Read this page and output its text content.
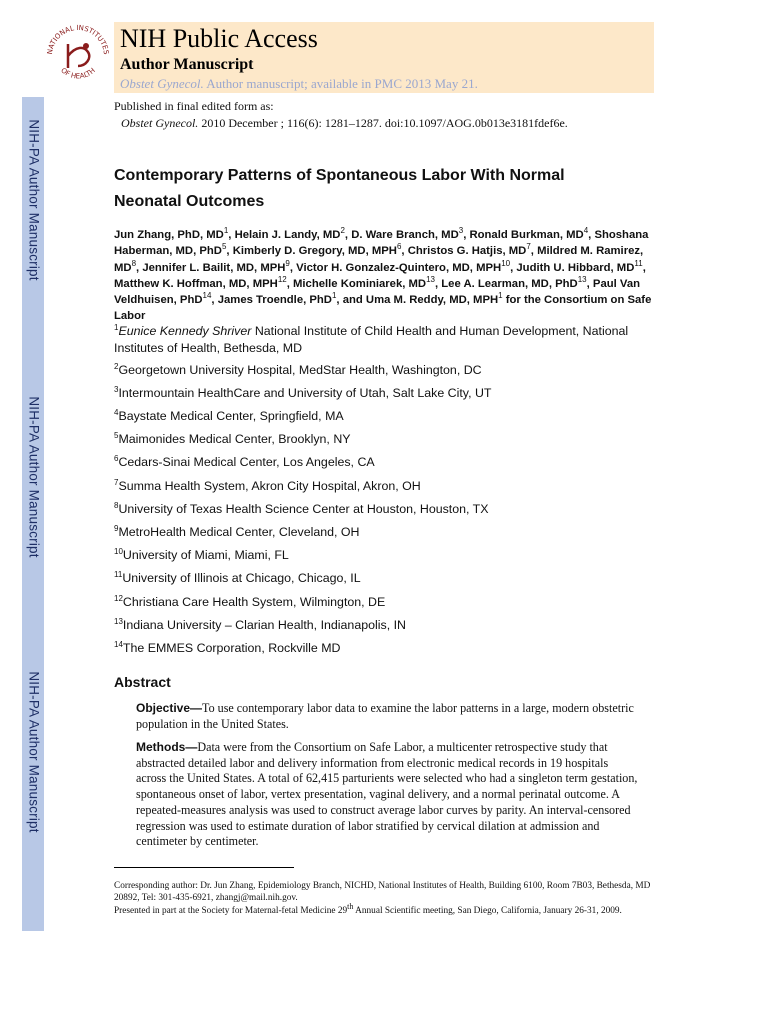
NIH-PA Author Manuscript
NIH-PA Author Manuscript
NIH-PA Author Manuscript
NATIONAL INSTITUTES
OF HEALTH
NIH Public Access
Author Manuscript
Obstet Gynecol. Author manuscript; available in PMC 2013 May 21.
Published in final edited form as:
Obstet Gynecol. 2010 December ; 116(6): 1281–1287. doi:10.1097/AOG.0b013e3181fdef6e.
Contemporary Patterns of Spontaneous Labor With Normal
Neonatal Outcomes
Jun Zhang, PhD, $MD^1$, Helain J. Landy, $MD^2$, D. Ware Branch, $MD^3$, Ronald Burkman, $MD^4$, Shoshana Haberman, MD, PhD$^5$, Kimberly D. Gregory, MD, MPH$^6$, Christos G. Hatjis, $MD^7$, Mildred M. Ramirez, $MD^8$, Jennifer L. Bailit, MD, MPH$^9$, Victor H. Gonzalez-Quintero, MD, MPH$^{10}$, Judith U. Hibbard, MD$^{11}$, Matthew K. Hoffman, MD, MPH$^{12}$, Michelle Kominiarek, MD$^{13}$, Lee A. Learman, MD, PhD$^{13}$, Paul Van Veldhuisen, PhD$^{14}$, James Troendle, PhD$^1$, and Uma M. Reddy, MD, MPH$^1$ for the Consortium on Safe Labor
$^1$Eunice Kennedy Shriver National Institute of Child Health and Human Development, National Institutes of Health, Bethesda, MD
$^2$Georgetown University Hospital, MedStar Health, Washington, DC
$^3$Intermountain HealthCare and University of Utah, Salt Lake City, UT
$^4$Baystate Medical Center, Springfield, MA
$^5$Maimonides Medical Center, Brooklyn, NY
$^6$Cedars-Sinai Medical Center, Los Angeles, CA
$^7$Summa Health System, Akron City Hospital, Akron, OH
$^8$University of Texas Health Science Center at Houston, Houston, TX
$^9$MetroHealth Medical Center, Cleveland, OH
$^{10}$University of Miami, Miami, FL
$^{11}$University of Illinois at Chicago, Chicago, IL
$^{12}$Christiana Care Health System, Wilmington, DE
$^{13}$Indiana University – Clarian Health, Indianapolis, IN
$^{14}$The EMMES Corporation, Rockville MD
Abstract
Objective—To use contemporary labor data to examine the labor patterns in a large, modern obstetric population in the United States.
Methods—Data were from the Consortium on Safe Labor, a multicenter retrospective study that abstracted detailed labor and delivery information from electronic medical records in 19 hospitals across the United States. A total of 62,415 parturients were selected who had a singleton term gestation, spontaneous onset of labor, vertex presentation, vaginal delivery, and a normal perinatal outcome. A repeated-measures analysis was used to construct average labor curves by parity. An interval-censored regression was used to estimate duration of labor stratified by cervical dilation at admission and centimeter by centimeter.
Corresponding author: Dr. Jun Zhang, Epidemiology Branch, NICHD, National Institutes of Health, Building 6100, Room 7B03, Bethesda, MD 20892, Tel: 301-435-6921, zhangj@mail.nih.gov.
Presented in part at the Society for Maternal-fetal Medicine 29th Annual Scientific meeting, San Diego, California, January 26-31, 2009.
